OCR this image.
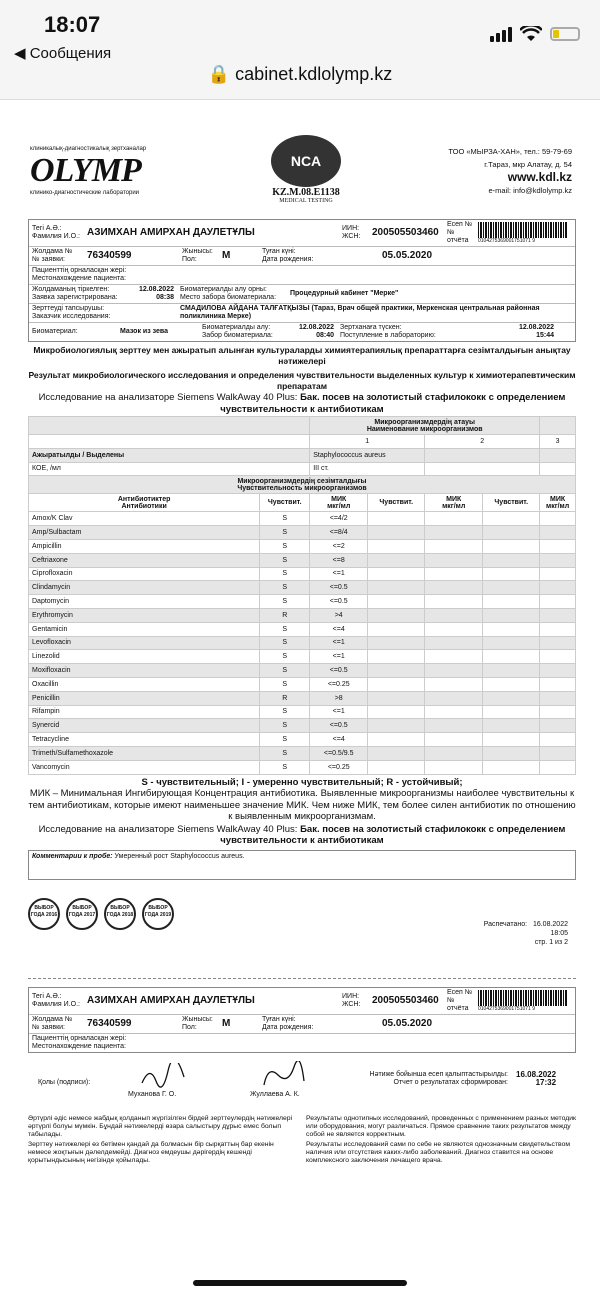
18:07
◀ Сообщения
🔒 cabinet.kdlolymp.kz
клиникалық-диагностикалық зертханалар
OLYMP
клинико-диагностические лаборатории
NCA
KZ.M.08.E1138
MEDICAL TESTING
ТОО «МЫРЗА-ХАН», тел.: 59-79-69
г.Тараз, мкр Алатау, д. 54
www.kdl.kz
e-mail: info@kdlolymp.kz
Тегі А.Ә.:
Фамилия И.О.: АЗИМХАН АМИРХАН ДАУЛЕТҰЛЫ	ИИН:
ЖСН:	200505503460
Есеп №
№ отчёта	0104275369001751071 9
Жолдама №
№ заявки:	76340599	Жынысы:
Пол:	М	Туған күні:
Дата рождения:	05.05.2020
Пациенттің орналасқан жері:
Местонахождение пациента:
Жолдаманың тіркелген:
Заявка зарегистрирована:
12.08.2022
08:38
Биоматериалды алу орны:
Место забора биоматериала:
Процедурный кабинет "Мерке"
Зерттеуді тапсырушы:
Заказчик исследования:
СМАДИЛОВА АЙДАНА ТАЛҒАТҚЫЗЫ (Тараз, Врач общей практики, Меркенская центральная районная поликлиника Мерке)
Биоматериал:	Мазок из зева
Биоматериалды алу:
Забор биоматериала:
12.08.2022
08:40
Зертханаға түскен:
Поступление в лабораторию:
12.08.2022
15:44
Микробиологиялық зерттеу мен ажыратып алынған культураларды химиятерапиялық препараттарға сезімталдығын анықтау нәтижелері
Результат микробиологического исследования и определения чувствительности выделенных культур к химиотерапевтическим препаратам
Исследование на анализаторе Siemens WalkAway 40 Plus: Бак. посев на золотистый стафилококк с определением чувствительности к антибиотикам
		Микроорганизмдердің атауы
Наименование микроорганизмов				
		1		2		3
Ажыратылды / Выделены		Staphylococcus aureus				
КОЕ, /мл		III ст.				
Микроорганизмдердің сезімталдығы
Чувствительность микроорганизмов						
Антибиотиктер
Антибиотики	Чувствит.	МИК
мкг/мл	Чувствит.	МИК
мкг/мл	Чувствит.	МИК
мкг/мл
Amox/K Clav	S	<=4/2				
Amp/Sulbactam	S	<=8/4				
Ampicillin	S	<=2				
Ceftriaxone	S	<=8				
Ciprofloxacin	S	<=1				
Clindamycin	S	<=0.5				
Daptomycin	S	<=0.5				
Erythromycin	R	>4				
Gentamicin	S	<=4				
Levofloxacin	S	<=1				
Linezolid	S	<=1				
Moxifloxacin	S	<=0.5				
Oxacillin	S	<=0.25				
Penicillin	R	>8				
Rifampin	S	<=1				
Synercid	S	<=0.5				
Tetracycline	S	<=4				
Trimeth/Sulfamethoxazole	S	<=0.5/9.5				
Vancomycin	S	<=0.25				
S - чувствительный; I - умеренно чувствительный; R - устойчивый;
МИК – Минимальная Ингибирующая Концентрация антибиотика. Выявленные микроорганизмы наиболее чувствительны к тем антибиотикам, которые имеют наименьшее значение МИК. Чем ниже МИК, тем более силен антибиотик по отношению к выявленным микроорганизмам.
Исследование на анализаторе Siemens WalkAway 40 Plus: Бак. посев на золотистый стафилококк с определением чувствительности к антибиотикам
Комментарии к пробе: Умеренный рост Staphylococcus aureus.
ВЫБОР ГОДА 2016
ВЫБОР ГОДА 2017
ВЫБОР ГОДА 2018
ВЫБОР ГОДА 2019
Распечатано: 16.08.2022
18:05
стр. 1 из 2
Тегі А.Ә.:
Фамилия И.О.: АЗИМХАН АМИРХАН ДАУЛЕТҰЛЫ	ИИН:
ЖСН:	200505503460
Есеп №
№ отчёта	0104275369001751071 9
Жолдама №
№ заявки:	76340599	Жынысы:
Пол:	М	Туған күні:
Дата рождения:	05.05.2020
Пациенттің орналасқан жері:
Местонахождение пациента:
Қолы (подписи):
Муханова Г. О.	Жуллаева А. К.
Нәтиже бойынша есеп қалыптастырылды:
Отчет о результатах сформирован:
16.08.2022
17:32
Әртүрлі әдіс немесе жабдық қолданып жүргізілген бірдей зерттеулердің нәтижелері әртүрлі болуы мүмкін. Бұндай нәтижелерді өзара салыстыру дұрыс емес болып табылады.
Результаты однотипных исследований, проведенных с применением разных методик или оборудования, могут различаться. Прямое сравнение таких результатов между собой не является корректным.
Зерттеу нәтижелері өз бетімен қандай да болмасын бір сырқаттың бар екенін немесе жоқтығын дәлелдемейді. Диагноз емдеушы дәрігердің кешенді қорытындысының негізінде қойылады.
Результаты исследований сами по себе не являются однозначным свидетельством наличия или отсутствия каких-либо заболеваний. Диагноз ставится на основе комплексного заключения лечащего врача.
